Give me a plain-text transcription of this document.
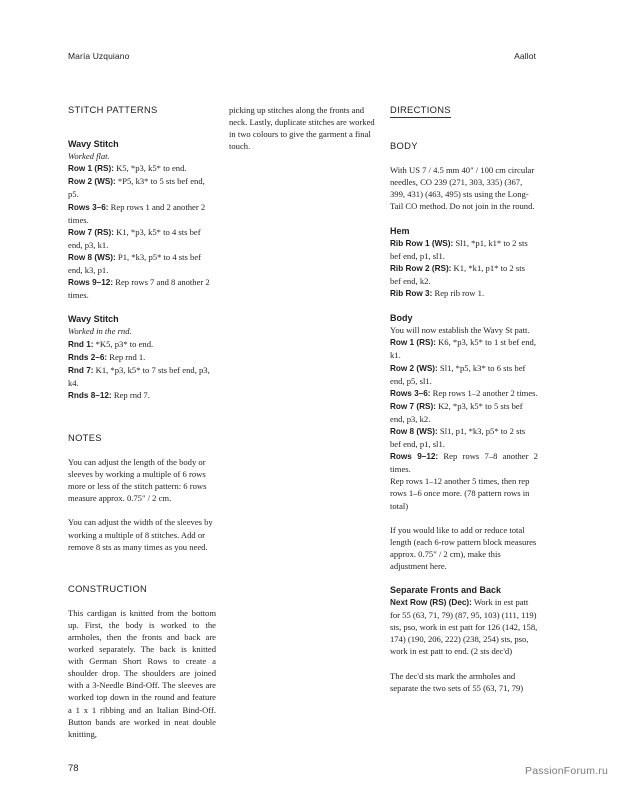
María Uzquiano	Aallot
STITCH PATTERNS
Wavy Stitch

Worked flat.

Row 1 (RS): K5, *p3, k5* to end.

Row 2 (WS): *P5, k3* to 5 sts bef end, p5.

Rows 3–6: Rep rows 1 and 2 another 2 times.

Row 7 (RS): K1, *p3, k5* to 4 sts bef end, p3, k1.

Row 8 (WS): P1, *k3, p5* to 4 sts bef end, k3, p1.

Rows 9–12: Rep rows 7 and 8 another 2 times.

Wavy Stitch

Worked in the rnd.

Rnd 1: *K5, p3* to end.

Rnds 2–6: Rep rnd 1.

Rnd 7: K1, *p3, k5* to 7 sts bef end, p3, k4.

Rnds 8–12: Rep rnd 7.

NOTES

You can adjust the length of the body or sleeves by working a multiple of 6 rows more or less of the stitch pattern: 6 rows measure approx. 0.75" / 2 cm.

You can adjust the width of the sleeves by working a multiple of 8 stitches. Add or remove 8 sts as many times as you need.

CONSTRUCTION

This cardigan is knitted from the bottom up. First, the body is worked to the armholes, then the fronts and back are worked separately. The back is knitted with German Short Rows to create a shoulder drop. The shoulders are joined with a 3-Needle Bind-Off. The sleeves are worked top down in the round and feature a 1 x 1 ribbing and an Italian Bind-Off. Button bands are worked in neat double knitting,

picking up stitches along the fronts and neck. Lastly, duplicate stitches are worked in two colours to give the garment a final touch.

DIRECTIONS
BODY

With US 7 / 4.5 mm 40" / 100 cm circular needles, CO 239 (271, 303, 335) (367, 399, 431) (463, 495) sts using the Long-Tail CO method. Do not join in the round.

Hem

Rib Row 1 (WS): Sl1, *p1, k1* to 2 sts bef end, p1, sl1.

Rib Row 2 (RS): K1, *k1, p1* to 2 sts bef end, k2.

Rib Row 3: Rep rib row 1.

Body

You will now establish the Wavy St patt.

Row 1 (RS): K6, *p3, k5* to 1 st bef end, k1.

Row 2 (WS): Sl1, *p5, k3* to 6 sts bef end, p5, sl1.

Rows 3–6: Rep rows 1–2 another 2 times.

Row 7 (RS): K2, *p3, k5* to 5 sts bef end, p3, k2.

Row 8 (WS): Sl1, p1, *k3, p5* to 2 sts bef end, p1, sl1.

Rows 9–12: Rep rows 7–8 another 2 times.

Rep rows 1–12 another 5 times, then rep rows 1–6 once more. (78 pattern rows in total)

If you would like to add or reduce total length (each 6-row pattern block measures approx. 0.75" / 2 cm), make this adjustment here.

Separate Fronts and Back

Next Row (RS) (Dec): Work in est patt for 55 (63, 71, 79) (87, 95, 103) (111, 119) sts, pso, work in est patt for 126 (142, 158, 174) (190, 206, 222) (238, 254) sts, pso, work in est patt to end. (2 sts dec'd)

The dec'd sts mark the armholes and separate the two sets of 55 (63, 71, 79)

78	PassionForum.ru
